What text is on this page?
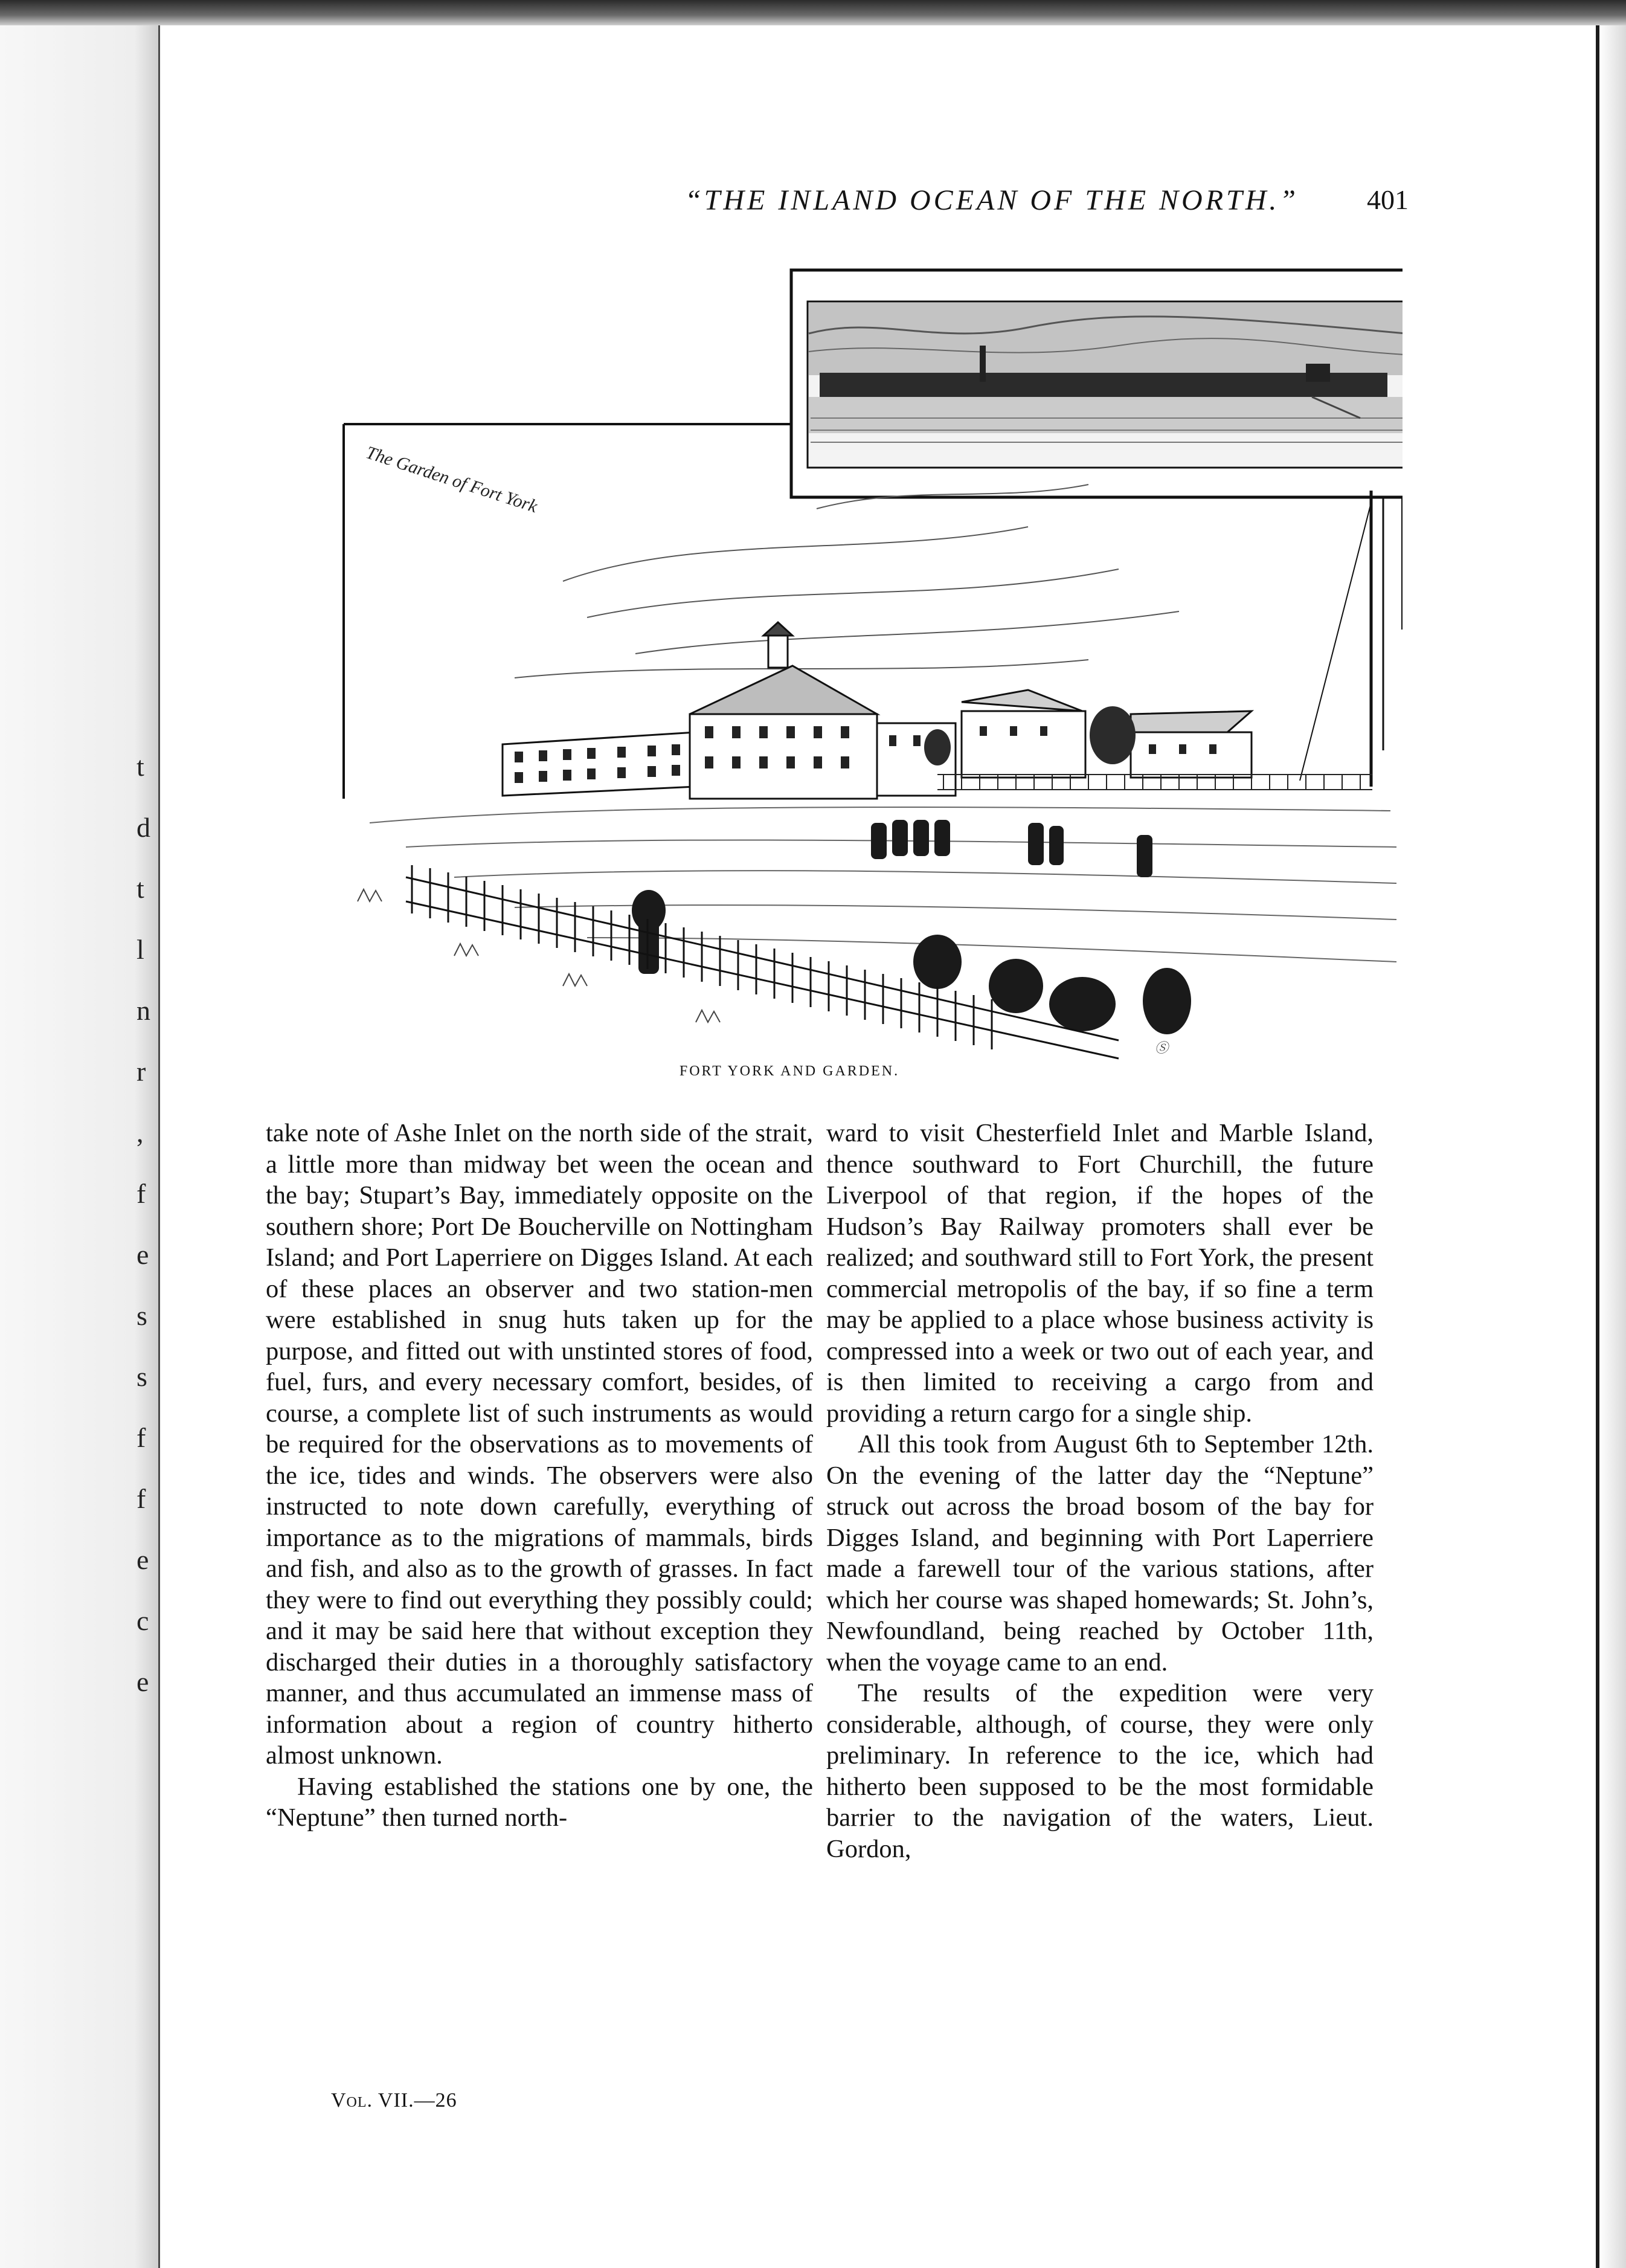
t
d
t
l
n
r
,
f
e
s
s
f
f
e
c
e
“THE INLAND OCEAN OF THE NORTH.”	401
The Garden of Fort York
Ⓢ
FORT YORK AND GARDEN.

take note of Ashe Inlet on the north side of the strait, a little more than midway bet ween the ocean and the bay; Stupart’s Bay, immediately opposite on the southern shore; Port De Boucherville on Nottingham Island; and Port Laperriere on Digges Island. At each of these places an observer and two station-men were established in snug huts taken up for the purpose, and fitted out with unstinted stores of food, fuel, furs, and every necessary comfort, besides, of course, a complete list of such instruments as would be required for the observations as to movements of the ice, tides and winds. The observers were also instructed to note down carefully, everything of importance as to the migrations of mammals, birds and fish, and also as to the growth of grasses. In fact they were to find out everything they possibly could; and it may be said here that without exception they discharged their duties in a thoroughly satisfactory manner, and thus accumulated an immense mass of information about a region of country hitherto almost unknown.

Having established the stations one by one, the “Neptune” then turned north-

ward to visit Chesterfield Inlet and Marble Island, thence southward to Fort Churchill, the future Liverpool of that region, if the hopes of the Hudson’s Bay Railway promoters shall ever be realized; and southward still to Fort York, the present commercial metropolis of the bay, if so fine a term may be applied to a place whose business activity is compressed into a week or two out of each year, and is then limited to receiving a cargo from and providing a return cargo for a single ship.

All this took from August 6th to September 12th. On the evening of the latter day the “Neptune” struck out across the broad bosom of the bay for Digges Island, and beginning with Port Laperriere made a farewell tour of the various stations, after which her course was shaped homewards; St. John’s, Newfoundland, being reached by October 11th, when the voyage came to an end.

The results of the expedition were very considerable, although, of course, they were only preliminary. In reference to the ice, which had hitherto been supposed to be the most formidable barrier to the navigation of the waters, Lieut. Gordon,

Vol. VII.—26
